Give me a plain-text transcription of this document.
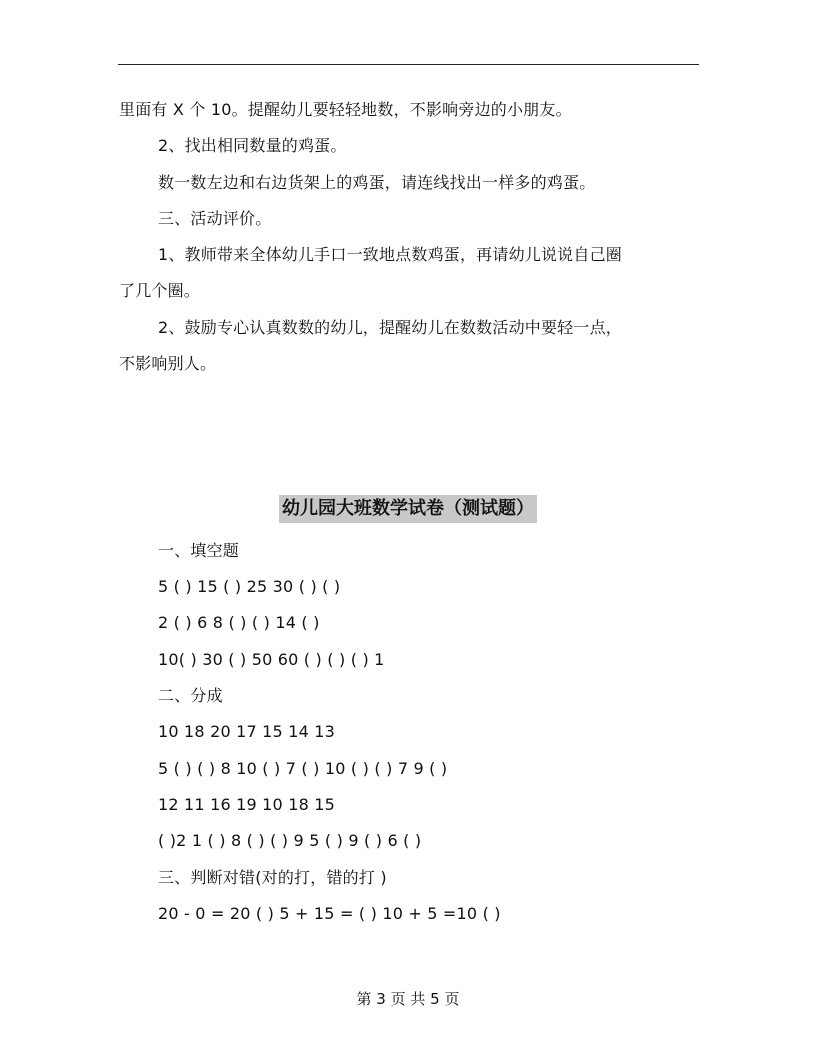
里面有 X 个 10。提醒幼儿要轻轻地数，不影响旁边的小朋友。
2、找出相同数量的鸡蛋。
数一数左边和右边货架上的鸡蛋，请连线找出一样多的鸡蛋。
三、活动评价。
1、教师带来全体幼儿手口一致地点数鸡蛋，再请幼儿说说自己圈
了几个圈。
2、鼓励专心认真数数的幼儿，提醒幼儿在数数活动中要轻一点，
不影响别人。
幼儿园大班数学试卷（测试题）
一、填空题
5 ( ) 15 ( ) 25 30 ( ) ( )
2 ( ) 6 8 ( ) ( ) 14 ( )
10( ) 30 ( ) 50 60 ( ) ( ) ( ) 1
二、分成
10 18 20 17 15 14 13
5 ( ) ( ) 8 10 ( ) 7 ( ) 10 ( ) ( ) 7 9 ( )
12 11 16 19 10 18 15
( )2 1 ( ) 8 ( ) ( ) 9 5 ( ) 9 ( ) 6 ( )
三、判断对错(对的打，错的打 )
20 - 0 = 20 ( ) 5 + 15 = ( ) 10 + 5 =10 ( )
第 3 页 共 5 页
